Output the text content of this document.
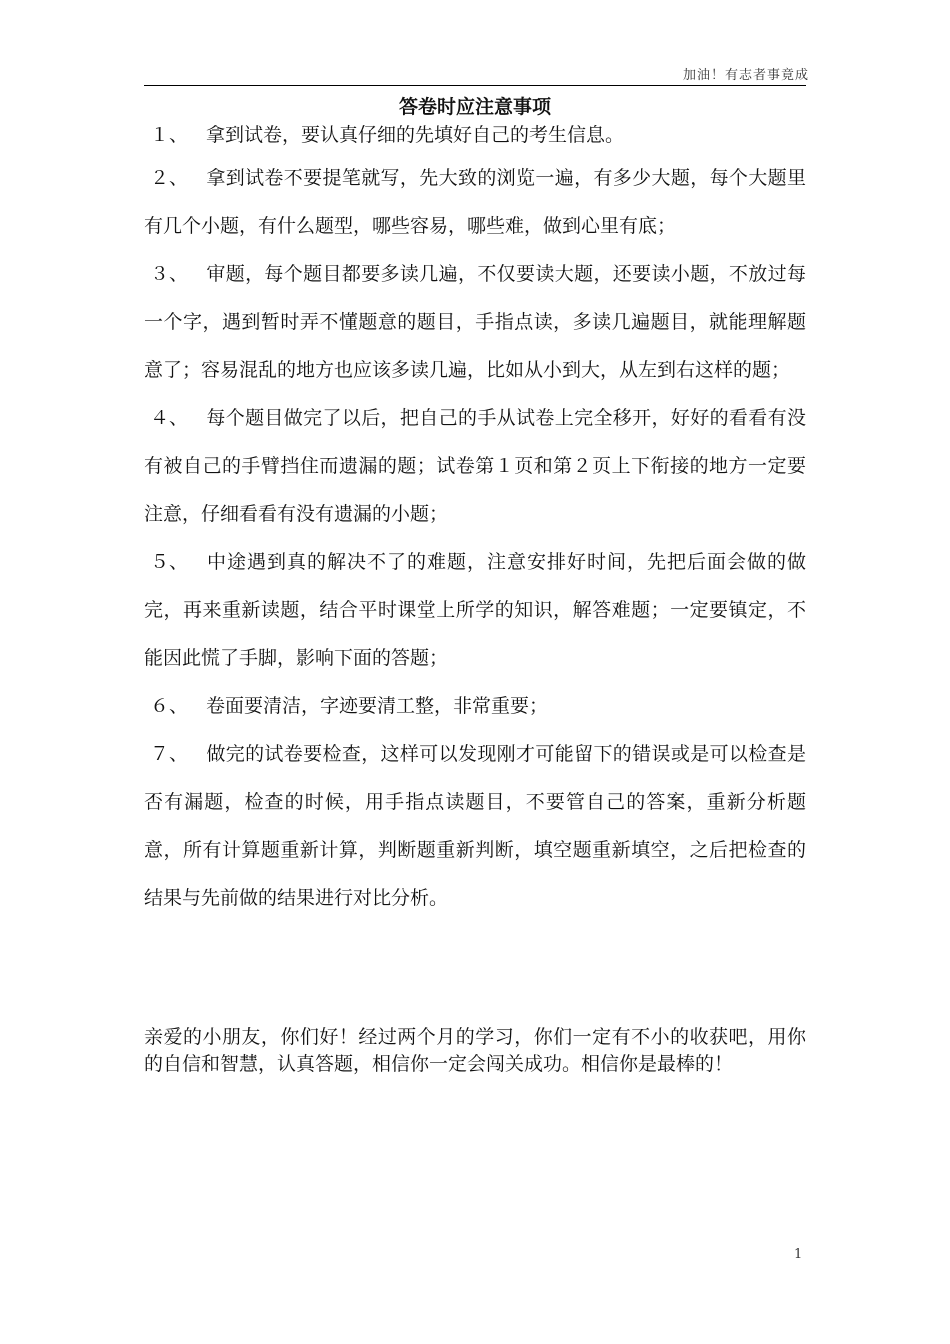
加油！有志者事竟成
答卷时应注意事项

１、 拿到试卷，要认真仔细的先填好自己的考生信息。

２、 拿到试卷不要提笔就写，先大致的浏览一遍，有多少大题，每个大题里有几个小题，有什么题型，哪些容易，哪些难，做到心里有底；

３、 审题，每个题目都要多读几遍，不仅要读大题，还要读小题，不放过每一个字，遇到暂时弄不懂题意的题目，手指点读，多读几遍题目，就能理解题意了；容易混乱的地方也应该多读几遍，比如从小到大，从左到右这样的题；

４、 每个题目做完了以后，把自己的手从试卷上完全移开，好好的看看有没有被自己的手臂挡住而遗漏的题；试卷第１页和第２页上下衔接的地方一定要注意，仔细看看有没有遗漏的小题；

５、 中途遇到真的解决不了的难题，注意安排好时间，先把后面会做的做完，再来重新读题，结合平时课堂上所学的知识，解答难题；一定要镇定，不能因此慌了手脚，影响下面的答题；

６、 卷面要清洁，字迹要清工整，非常重要；

７、 做完的试卷要检查，这样可以发现刚才可能留下的错误或是可以检查是否有漏题，检查的时候，用手指点读题目，不要管自己的答案，重新分析题意，所有计算题重新计算，判断题重新判断，填空题重新填空，之后把检查的结果与先前做的结果进行对比分析。

亲爱的小朋友，你们好！经过两个月的学习，你们一定有不小的收获吧，用你的自信和智慧，认真答题，相信你一定会闯关成功。相信你是最棒的！
1
